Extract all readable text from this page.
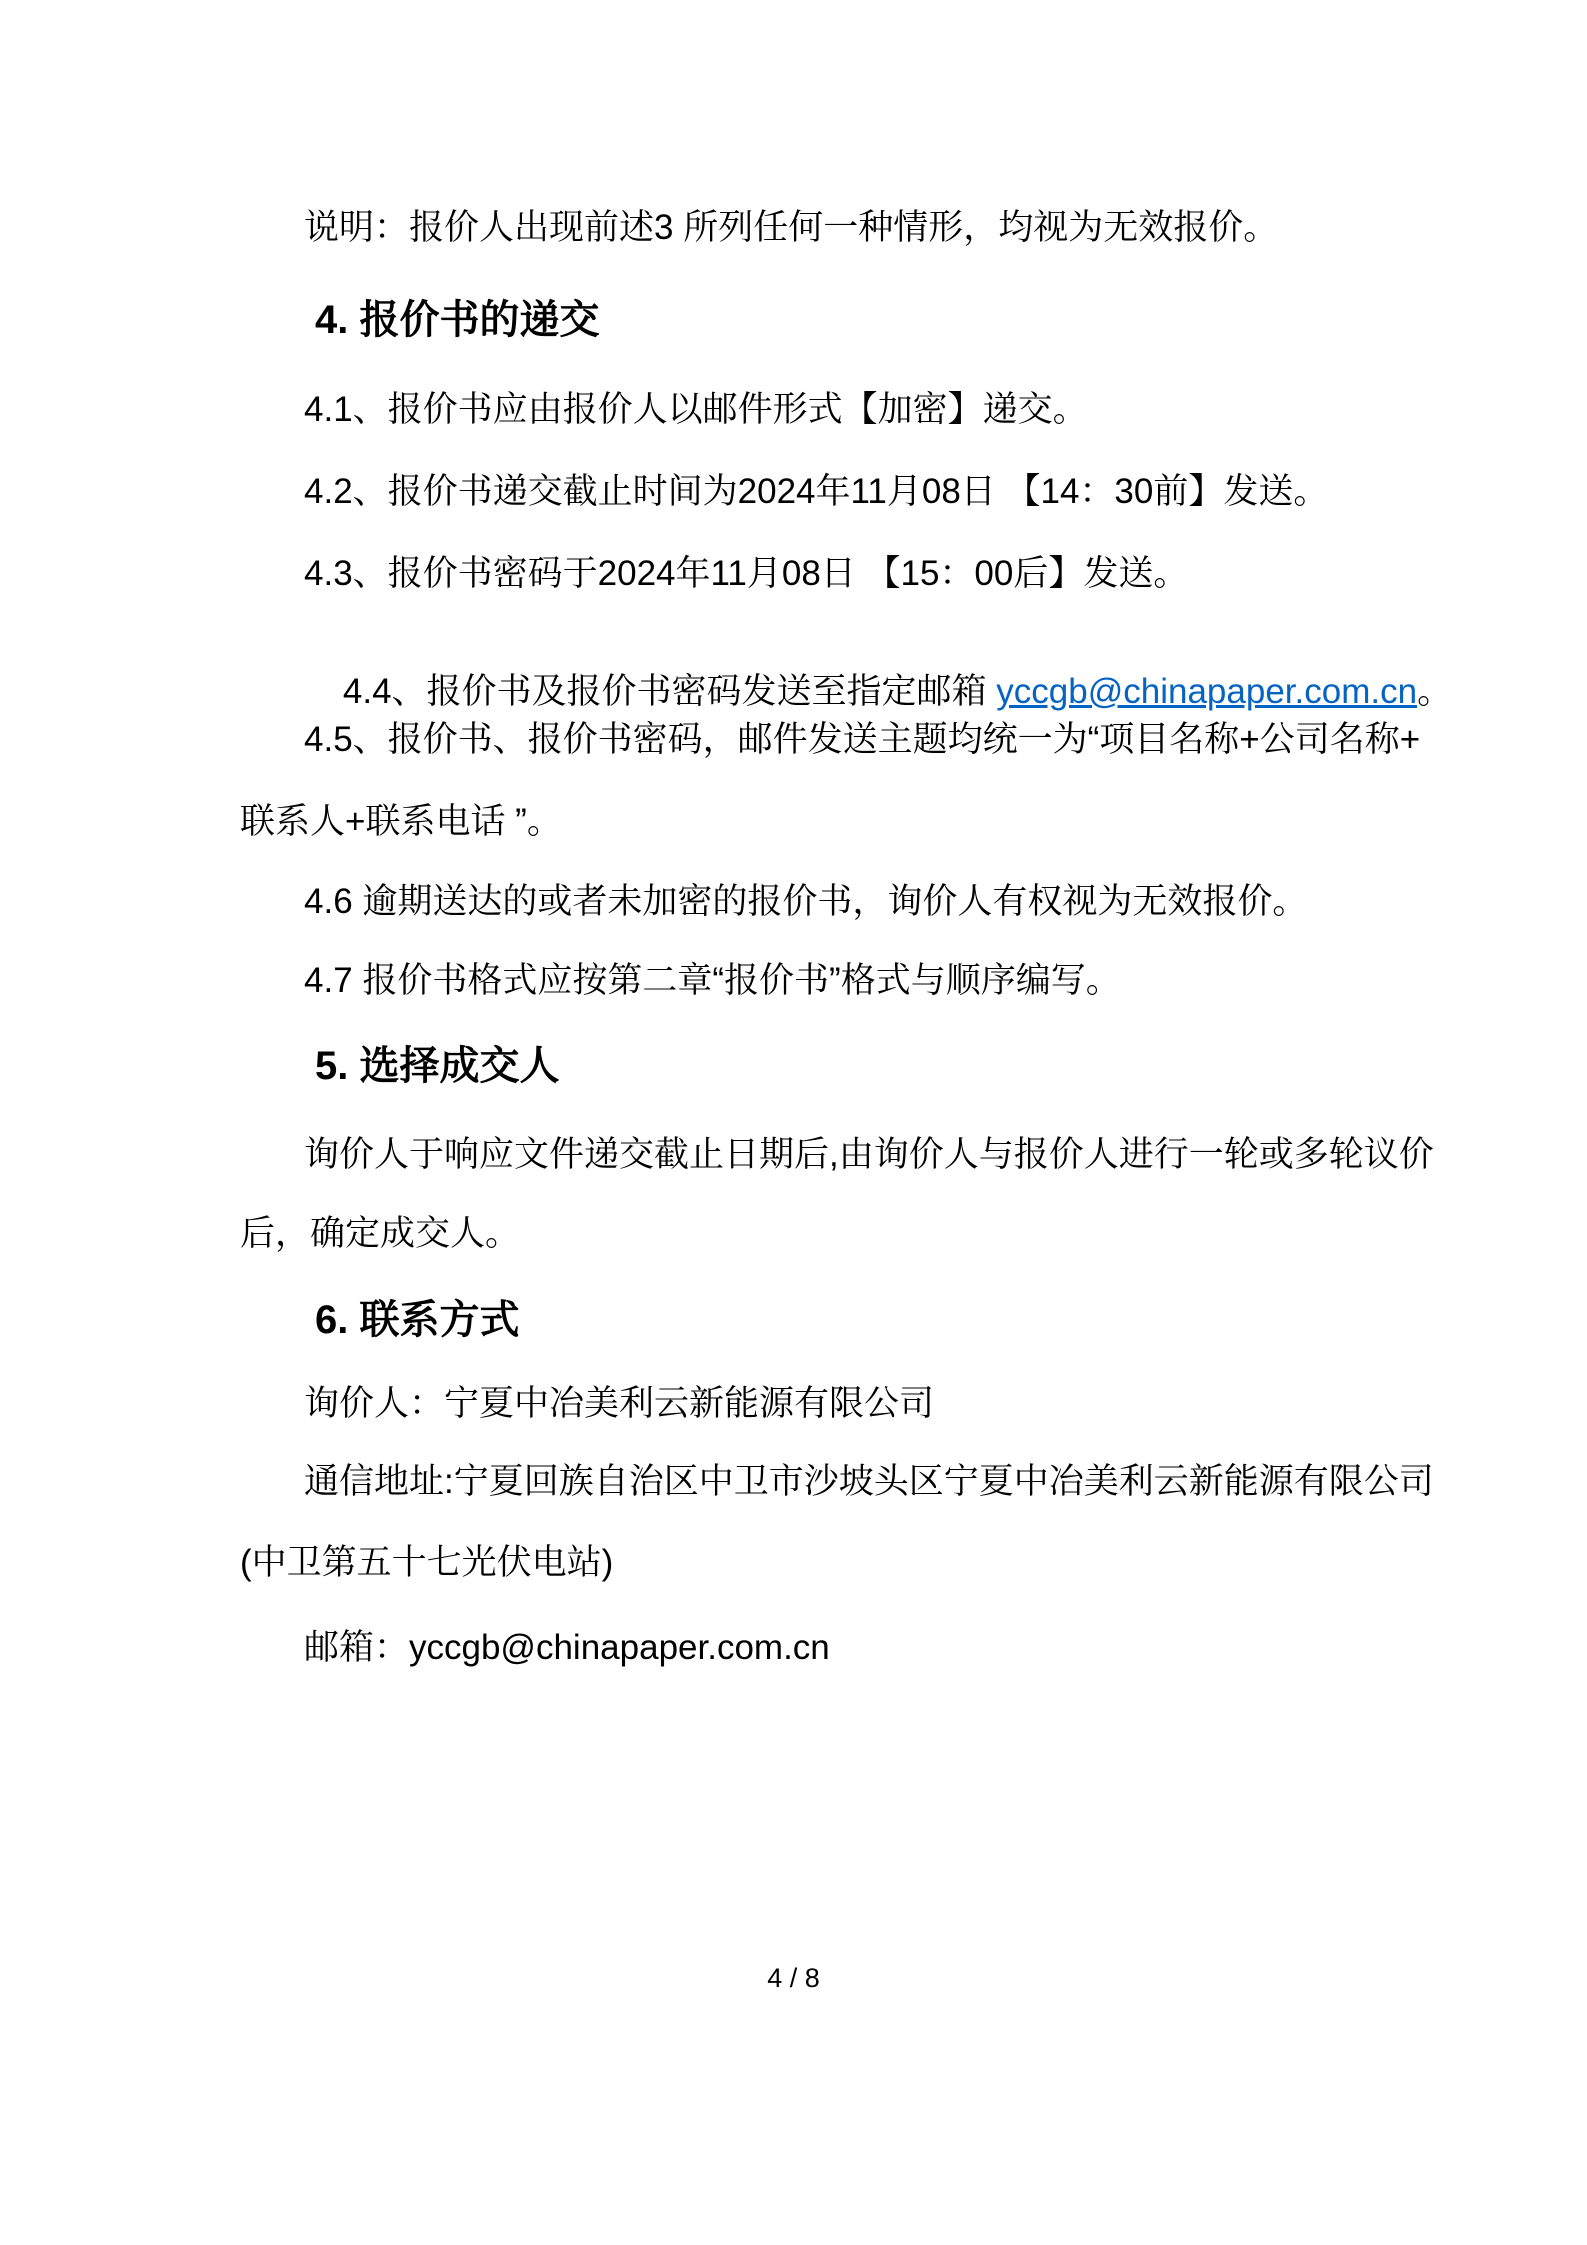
说明：报价人出现前述3 所列任何一种情形，均视为无效报价。
4. 报价书的递交
4.1、报价书应由报价人以邮件形式【加密】递交。
4.2、报价书递交截止时间为2024年11月08日 【14：30前】发送。
4.3、报价书密码于2024年11月08日 【15：00后】发送。

4.4、报价书及报价书密码发送至指定邮箱 yccgb@chinapaper.com.cn。

4.5、报价书、报价书密码，邮件发送主题均统一为“项目名称+公司名称+
联系人+联系电话 ”。
4.6 逾期送达的或者未加密的报价书，询价人有权视为无效报价。
4.7 报价书格式应按第二章“报价书”格式与顺序编写。
5. 选择成交人
询价人于响应文件递交截止日期后,由询价人与报价人进行一轮或多轮议价
后，确定成交人。
6. 联系方式
询价人：宁夏中冶美利云新能源有限公司
通信地址:宁夏回族自治区中卫市沙坡头区宁夏中冶美利云新能源有限公司
(中卫第五十七光伏电站)
邮箱：yccgb@chinapaper.com.cn
4 / 8
